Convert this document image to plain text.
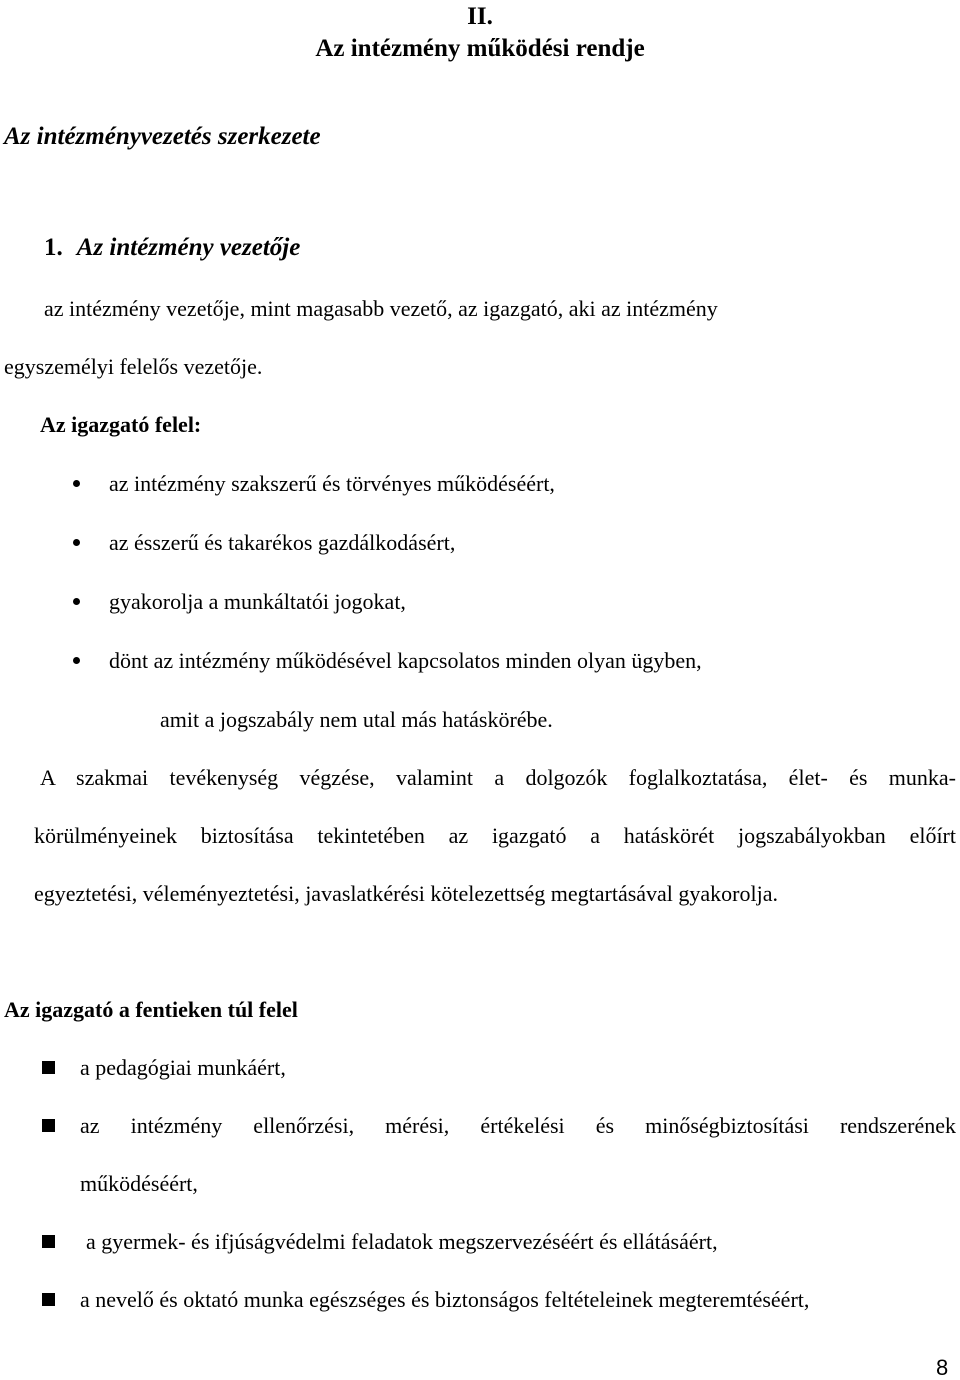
II.
Az intézmény működési rendje
Az intézményvezetés szerkezete
1. Az intézmény vezetője
az intézmény vezetője, mint magasabb vezető, az igazgató, aki az intézmény
egyszemélyi felelős vezetője.
Az igazgató felel:
az intézmény szakszerű és törvényes működéséért,
az ésszerű és takarékos gazdálkodásért,
gyakorolja a munkáltatói jogokat,
dönt az intézmény működésével kapcsolatos minden olyan ügyben,
amit a jogszabály nem utal más hatáskörébe.
A szakmai tevékenység végzése, valamint a dolgozók foglalkoztatása, élet- és munka-
körülményeinek biztosítása tekintetében az igazgató a hatáskörét jogszabályokban előírt
egyeztetési, véleményeztetési, javaslatkérési kötelezettség megtartásával gyakorolja.
Az igazgató a fentieken túl felel
a pedagógiai munkáért,
az intézmény ellenőrzési, mérési, értékelési és minőségbiztosítási rendszerének
működéséért,
a gyermek- és ifjúságvédelmi feladatok megszervezéséért és ellátásáért,
a nevelő és oktató munka egészséges és biztonságos feltételeinek megteremtéséért,
8
